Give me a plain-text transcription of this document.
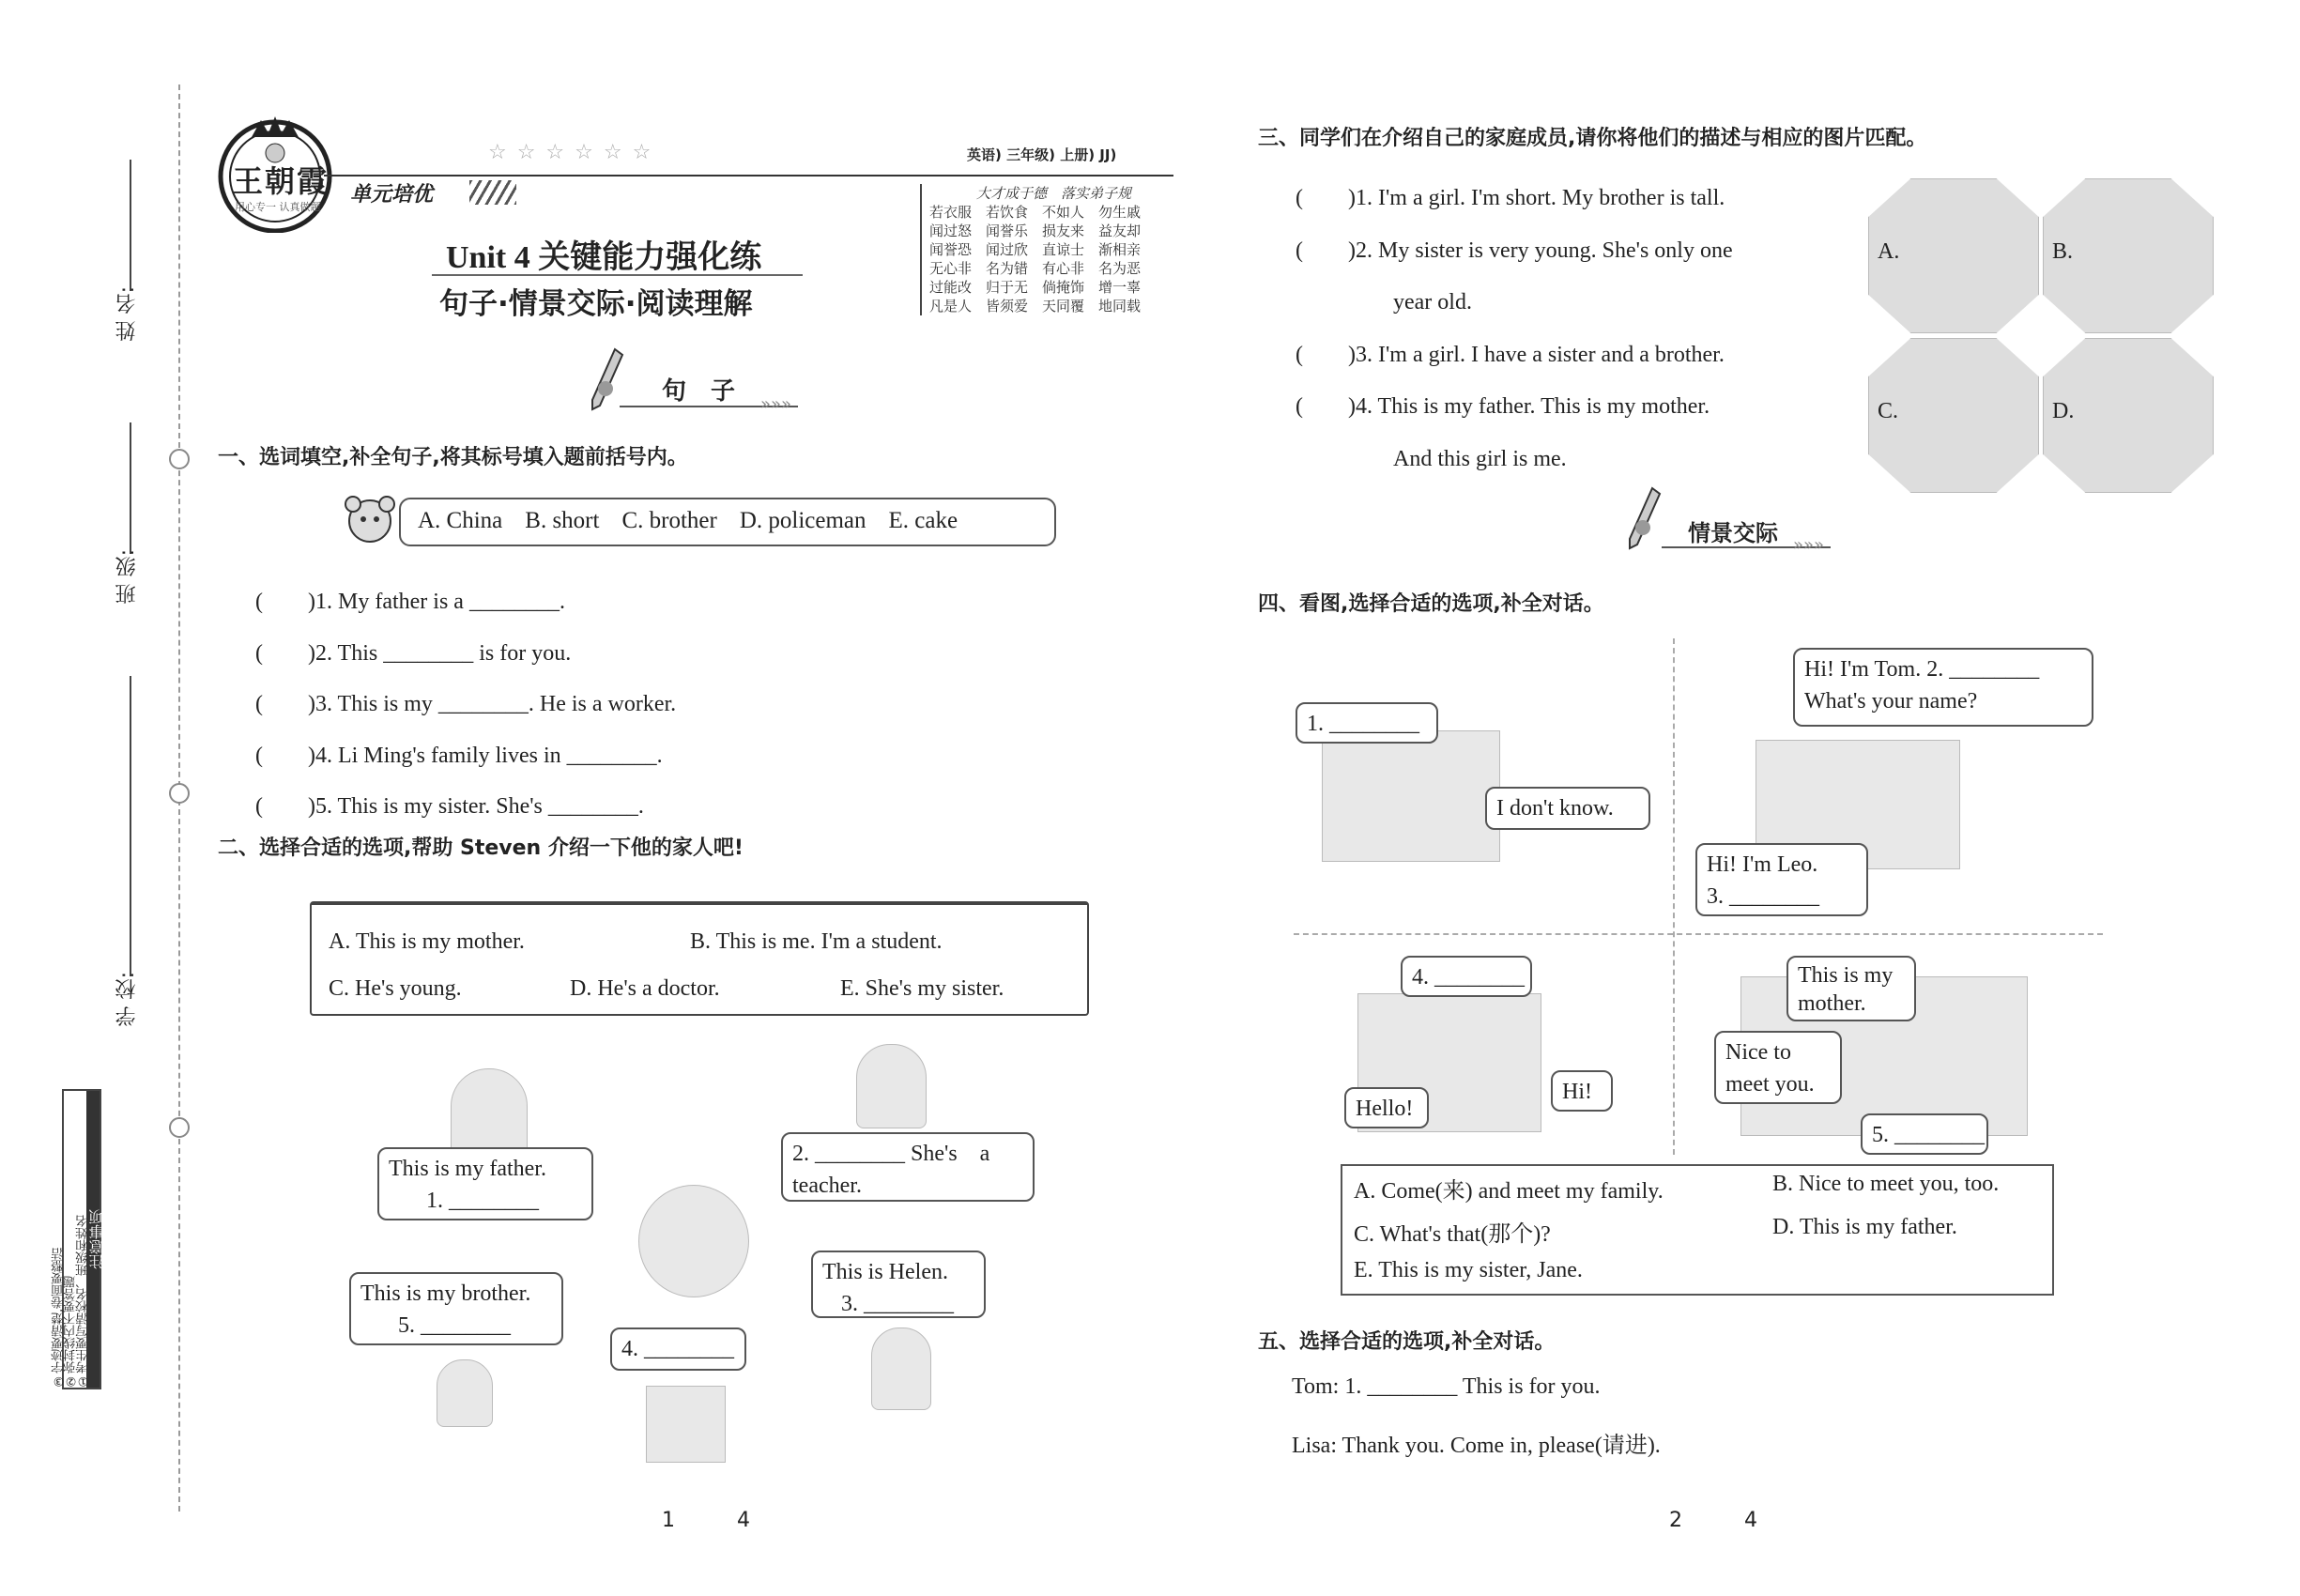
姓 名:
班 级:
学 校:
注意事项
①考生要写清校名、班级和姓名
②弥封线内不要答题
③字迹要清楚,卷面要整洁
王朝霞
用心专一 认真做题
☆ ☆ ☆ ☆ ☆ ☆	英语) 三年级) 上册) JJ)
单元培优
Unit 4 关键能力强化练
句子·情景交际·阅读理解
大才成于德　落实弟子规
若衣服　若饮食　不如人　勿生戚
闻过怒　闻誉乐　损友来　益友却
闻誉恐　闻过欣　直谅士　渐相亲
无心非　名为错　有心非　名为恶
过能改　归于无　倘掩饰　增一辜
凡是人　皆须爱　天同覆　地同载
句　子 »»»
一、选词填空,补全句子,将其标号填入题前括号内。
A. China B. short C. brother D. policeman E. cake
(　　)1. My father is a ________.
(　　)2. This ________ is for you.
(　　)3. This is my ________. He is a worker.
(　　)4. Li Ming's family lives in ________.
(　　)5. This is my sister. She's ________.
二、选择合适的选项,帮助 Steven 介绍一下他的家人吧!
A. This is my mother.	B. This is me. I'm a student.
C. He's young.	D. He's a doctor.	E. She's my sister.
This is my father.
1. ________
2. ________ She's　a
teacher.
This is my brother.
5. ________
This is Helen.
3. ________
4. ________
1　　　4
三、同学们在介绍自己的家庭成员,请你将他们的描述与相应的图片匹配。
(　　)1. I'm a girl. I'm short. My brother is tall.
(　　)2. My sister is very young. She's only one
year old.
(　　)3. I'm a girl. I have a sister and a brother.
(　　)4. This is my father. This is my mother.
And this girl is me.
A.	B.
C.	D.
情景交际 »»»
四、看图,选择合适的选项,补全对话。
1. ________
I don't know.
Hi! I'm Tom. 2. ________
What's your name?
Hi! I'm Leo.
3. ________
4. ________
Hello!
Hi!
This is my
mother.
Nice to
meet you.
5. ________
A. Come(来) and meet my family.	B. Nice to meet you, too.
C. What's that(那个)?	D. This is my father.
E. This is my sister, Jane.
五、选择合适的选项,补全对话。
Tom: 1. ________ This is for you.
Lisa: Thank you. Come in, please(请进).
2　　　4
